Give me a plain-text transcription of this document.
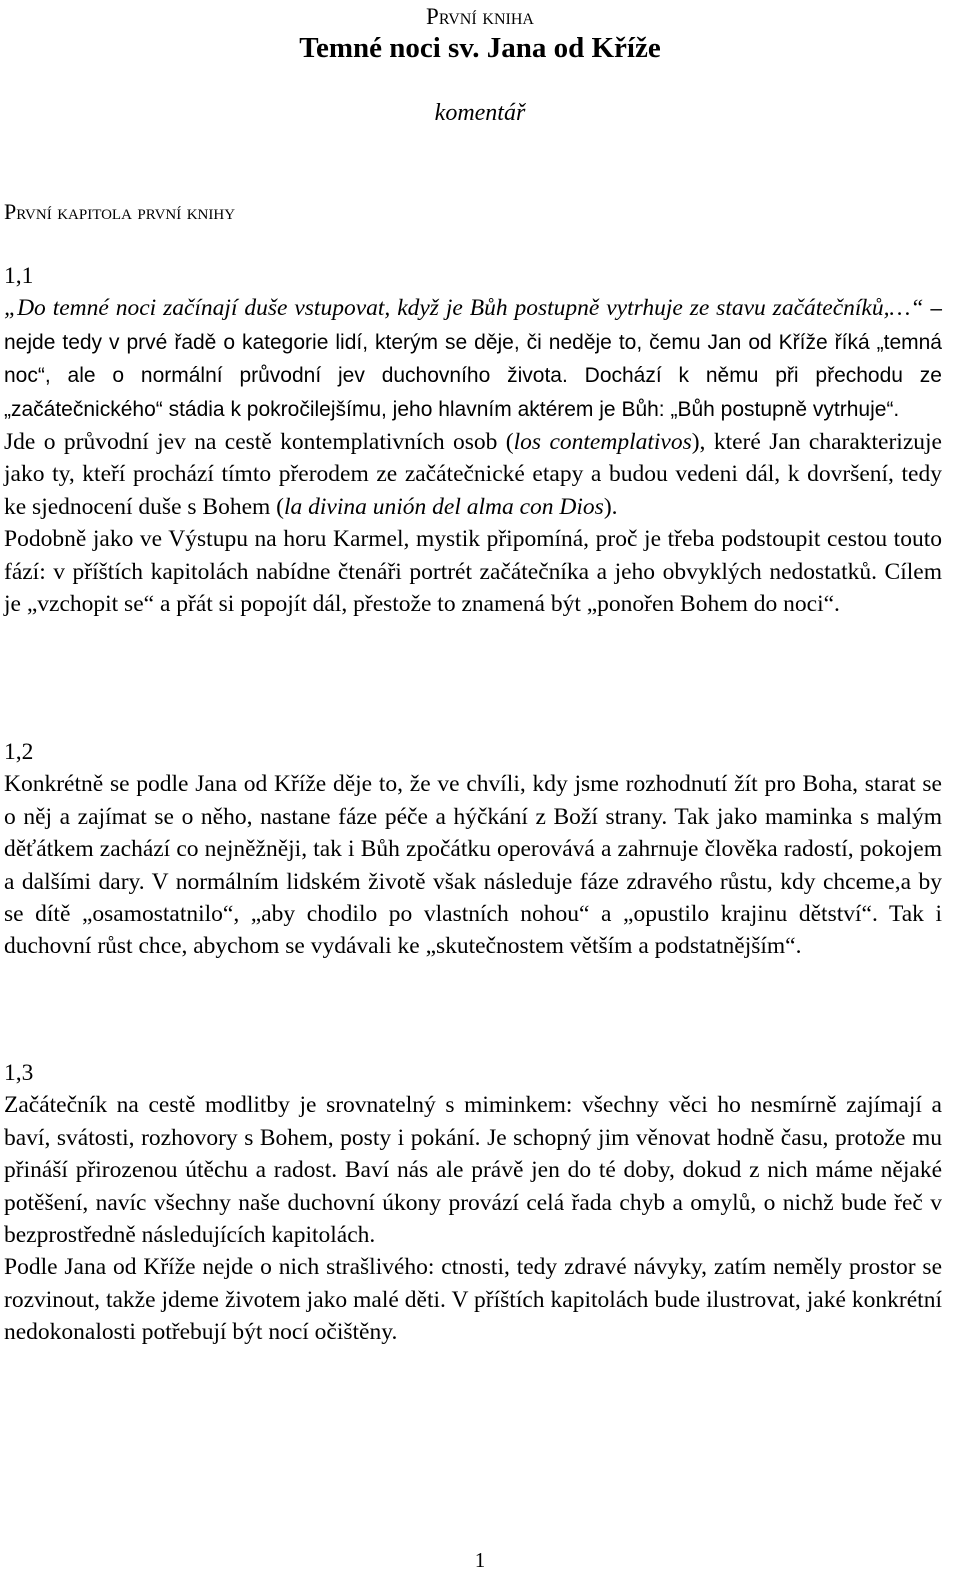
První kniha
Temné noci sv. Jana od Kříže
komentář
První kapitola první knihy
1,1

„Do temné noci začínají duše vstupovat, když je Bůh postupně vytrhuje ze stavu začátečníků,…“ – nejde tedy v prvé řadě o kategorie lidí, kterým se děje, či neděje to, čemu Jan od Kříže říká „temná noc“, ale o normální průvodní jev duchovního života. Dochází k němu při přechodu ze „začátečnického“ stádia k pokročilejšímu, jeho hlavním aktérem je Bůh: „Bůh postupně vytrhuje“.

Jde o průvodní jev na cestě kontemplativních osob (los contemplativos), které Jan charakterizuje jako ty, kteří prochází tímto přerodem ze začátečnické etapy a budou vedeni dál, k dovršení, tedy ke sjednocení duše s Bohem (la divina unión del alma con Dios).

Podobně jako ve Výstupu na horu Karmel, mystik připomíná, proč je třeba podstoupit cestou touto fází: v příštích kapitolách nabídne čtenáři portrét začátečníka a jeho obvyklých nedostatků. Cílem je „vzchopit se“ a přát si popojít dál, přestože to znamená být „ponořen Bohem do noci“.

1,2

Konkrétně se podle Jana od Kříže děje to, že ve chvíli, kdy jsme rozhodnutí žít pro Boha, starat se o něj a zajímat se o něho, nastane fáze péče a hýčkání z Boží strany. Tak jako maminka s malým děťátkem zachází co nejněžněji, tak i Bůh zpočátku operovává a zahrnuje člověka radostí, pokojem a dalšími dary. V normálním lidském životě však následuje fáze zdravého růstu, kdy chceme,a by se dítě „osamostatnilo“, „aby chodilo po vlastních nohou“ a „opustilo krajinu dětství“. Tak i duchovní růst chce, abychom se vydávali ke „skutečnostem větším a podstatnějším“.

1,3

Začátečník na cestě modlitby je srovnatelný s miminkem: všechny věci ho nesmírně zajímají a baví, svátosti, rozhovory s Bohem, posty i pokání. Je schopný jim věnovat hodně času, protože mu přináší přirozenou útěchu a radost. Baví nás ale právě jen do té doby, dokud z nich máme nějaké potěšení, navíc všechny naše duchovní úkony provází celá řada chyb a omylů, o nichž bude řeč v bezprostředně následujících kapitolách.

Podle Jana od Kříže nejde o nich strašlivého: ctnosti, tedy zdravé návyky, zatím neměly prostor se rozvinout, takže jdeme životem jako malé děti. V příštích kapitolách bude ilustrovat, jaké konkrétní nedokonalosti potřebují být nocí očištěny.

1
